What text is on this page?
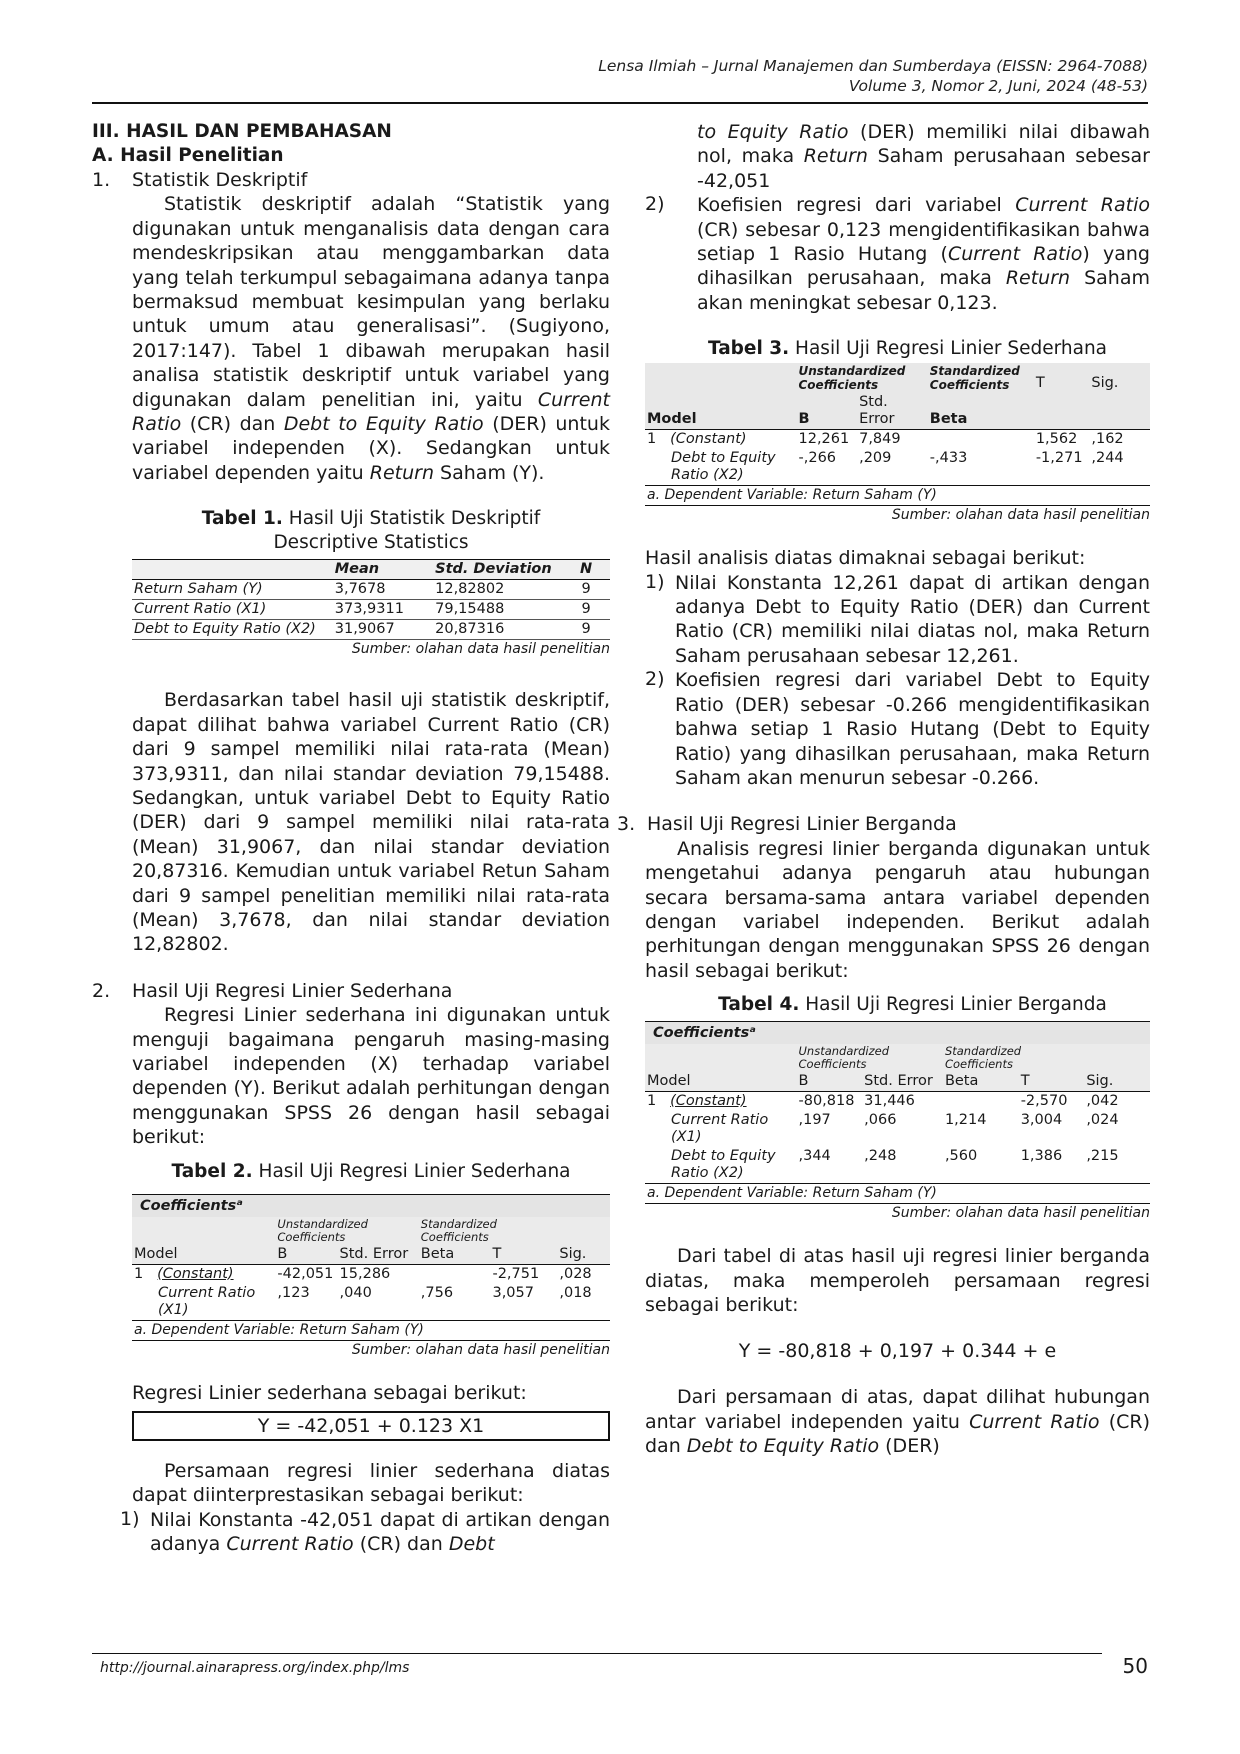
Lensa Ilmiah – Jurnal Manajemen dan Sumberdaya (EISSN: 2964-7088)
Volume 3, Nomor 2, Juni, 2024 (48-53)
III. HASIL DAN PEMBAHASAN
A. Hasil Penelitian
1. Statistik Deskriptif

Statistik deskriptif adalah “Statistik yang digunakan untuk menganalisis data dengan cara mendeskripsikan atau menggambarkan data yang telah terkumpul sebagaimana adanya tanpa bermaksud membuat kesimpulan yang berlaku untuk umum atau generalisasi”. (Sugiyono, 2017:147). Tabel 1 dibawah merupakan hasil analisa statistik deskriptif untuk variabel yang digunakan dalam penelitian ini, yaitu Current Ratio (CR) dan Debt to Equity Ratio (DER) untuk variabel independen (X). Sedangkan untuk variabel dependen yaitu Return Saham (Y).

Tabel 1. Hasil Uji Statistik Deskriptif
Descriptive Statistics
	Mean	Std. Deviation	N
Return Saham (Y)	3,7678	12,82802	9
Current Ratio (X1)	373,9311	79,15488	9
Debt to Equity Ratio (X2)	31,9067	20,87316	9
Sumber: olahan data hasil penelitian

Berdasarkan tabel hasil uji statistik deskriptif, dapat dilihat bahwa variabel Current Ratio (CR) dari 9 sampel memiliki nilai rata-rata (Mean) 373,9311, dan nilai standar deviation 79,15488. Sedangkan, untuk variabel Debt to Equity Ratio (DER) dari 9 sampel memiliki nilai rata-rata (Mean) 31,9067, dan nilai standar deviation 20,87316. Kemudian untuk variabel Retun Saham dari 9 sampel penelitian memiliki nilai rata-rata (Mean) 3,7678, dan nilai standar deviation 12,82802.

2. Hasil Uji Regresi Linier Sederhana

Regresi Linier sederhana ini digunakan untuk menguji bagaimana pengaruh masing-masing variabel independen (X) terhadap variabel dependen (Y). Berikut adalah perhitungan dengan menggunakan SPSS 26 dengan hasil sebagai berikut:

Tabel 2. Hasil Uji Regresi Linier Sederhana
Coefficientsᵃ
	Unstandardized Coefficients		Standardized Coefficients		
Model	B	Std. Error	Beta	T	Sig.
1 (Constant)	-42,051	15,286		-2,751	,028
Current Ratio (X1)	,123	,040	,756	3,057	,018
a. Dependent Variable: Return Saham (Y)
Sumber: olahan data hasil penelitian

Regresi Linier sederhana sebagai berikut:

Y = -42,051 + 0.123 X1

Persamaan regresi linier sederhana diatas dapat diinterprestasikan sebagai berikut:

1) Nilai Konstanta -42,051 dapat di artikan dengan adanya Current Ratio (CR) dan Debt

to Equity Ratio (DER) memiliki nilai dibawah nol, maka Return Saham perusahaan sebesar -42,051

2) Koefisien regresi dari variabel Current Ratio (CR) sebesar 0,123 mengidentifikasikan bahwa setiap 1 Rasio Hutang (Current Ratio) yang dihasilkan perusahaan, maka Return Saham akan meningkat sebesar 0,123.

Tabel 3. Hasil Uji Regresi Linier Sederhana
	Unstandardized Coefficients		Standardized Coefficients	T	Sig.
Model	B	Std. Error	Beta		
1 (Constant)	12,261	7,849		1,562	,162
Debt to Equity Ratio (X2)	-,266	,209	-,433	-1,271	,244
a. Dependent Variable: Return Saham (Y)
Sumber: olahan data hasil penelitian

Hasil analisis diatas dimaknai sebagai berikut:

1) Nilai Konstanta 12,261 dapat di artikan dengan adanya Debt to Equity Ratio (DER) dan Current Ratio (CR) memiliki nilai diatas nol, maka Return Saham perusahaan sebesar 12,261.

2) Koefisien regresi dari variabel Debt to Equity Ratio (DER) sebesar -0.266 mengidentifikasikan bahwa setiap 1 Rasio Hutang (Debt to Equity Ratio) yang dihasilkan perusahaan, maka Return Saham akan menurun sebesar -0.266.

3. Hasil Uji Regresi Linier Berganda

Analisis regresi linier berganda digunakan untuk mengetahui adanya pengaruh atau hubungan secara bersama-sama antara variabel dependen dengan variabel independen. Berikut adalah perhitungan dengan menggunakan SPSS 26 dengan hasil sebagai berikut:

Tabel 4. Hasil Uji Regresi Linier Berganda
Coefficientsᵃ
	Unstandardized Coefficients		Standardized Coefficients		
Model	B	Std. Error	Beta	T	Sig.
1 (Constant)	-80,818	31,446		-2,570	,042
Current Ratio (X1)	,197	,066	1,214	3,004	,024
Debt to Equity Ratio (X2)	,344	,248	,560	1,386	,215
a. Dependent Variable: Return Saham (Y)
Sumber: olahan data hasil penelitian

Dari tabel di atas hasil uji regresi linier berganda diatas, maka memperoleh persamaan regresi sebagai berikut:

Y = -80,818 + 0,197 + 0.344 + e

Dari persamaan di atas, dapat dilihat hubungan antar variabel independen yaitu Current Ratio (CR) dan Debt to Equity Ratio (DER)

http://journal.ainarapress.org/index.php/lms	50
